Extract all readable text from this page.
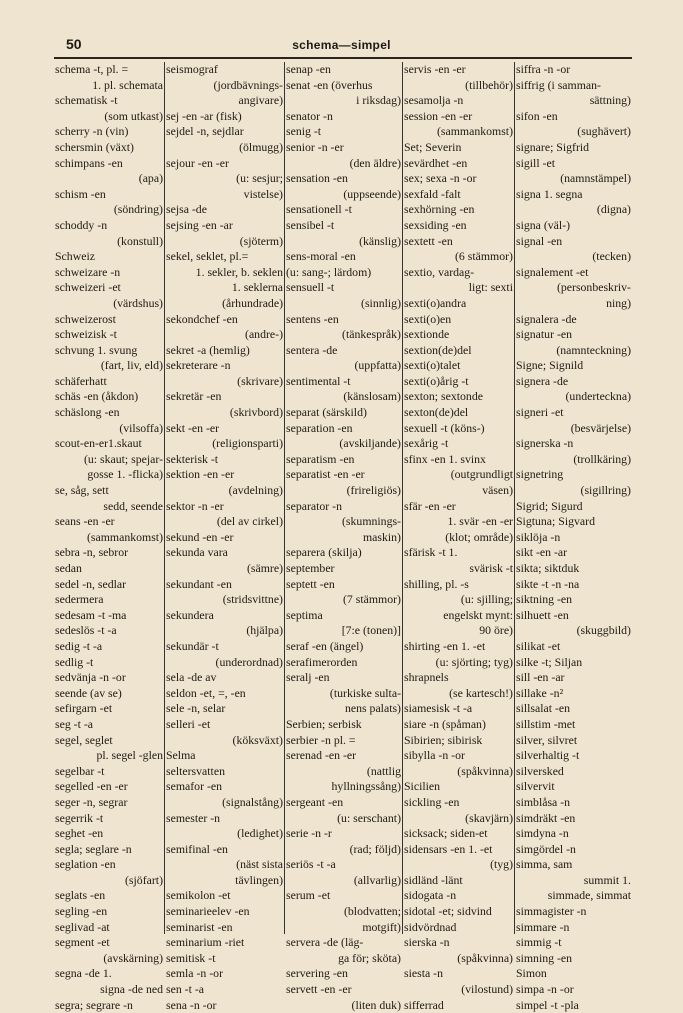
50	schema—simpel
schema -t, pl. =
1. pl. schemata
schematisk -t
(som utkast)
scherry -n (vin)
schersmin (växt)
schimpans -en
(apa)
schism -en
(söndring)
schoddy -n
(konstull)
Schweiz
schweizare -n
schweizeri -et
(värdshus)
schweizerost
schweizisk -t
schvung 1. svung
(fart, liv, eld)
schäferhatt
schäs -en (åkdon)
schäslong -en
(vilsoffa)
scout-en-er1.skaut
(u: skaut; spejar-
gosse 1. -flicka)
se, såg, sett
sedd, seende
seans -en -er
(sammankomst)
sebra -n, sebror
sedan
sedel -n, sedlar
sedermera
sedesam -t -ma
sedeslös -t -a
sedig -t -a
sedlig -t
sedvänja -n -or
seende (av se)
sefirgarn -et
seg -t -a
segel, seglet
pl. segel -glen
segelbar -t
segelled -en -er
seger -n, segrar
segerrik -t
seghet -en
segla; seglare -n
seglation -en
(sjöfart)
seglats -en
segling -en
seglivad -at
segment -et
(avskärning)
segna -de 1.
signa -de ned
segra; segrare -n
seismograf
(jordbävnings-
angivare)
sej -en -ar (fisk)
sejdel -n, sejdlar
(ölmugg)
sejour -en -er
(u: sesjur;
vistelse)
sejsa -de
sejsing -en -ar
(sjöterm)
sekel, seklet, pl.=
1. sekler, b. seklen
1. seklerna
(århundrade)
sekondchef -en
(andre-)
sekret -a (hemlig)
sekreterare -n
(skrivare)
sekretär -en
(skrivbord)
sekt -en -er
(religionsparti)
sekterisk -t
sektion -en -er
(avdelning)
sektor -n -er
(del av cirkel)
sekund -en -er
sekunda vara
(sämre)
sekundant -en
(stridsvittne)
sekundera
(hjälpa)
sekundär -t
(underordnad)
sela -de av
seldon -et, =, -en
sele -n, selar
selleri -et
(köksväxt)
Selma
seltersvatten
semafor -en
(signalstång)
semester -n
(ledighet)
semifinal -en
(näst sista
tävlingen)
semikolon -et
seminarieelev -en
seminarist -en
seminarium -riet
semitisk -t
semla -n -or
sen -t -a
sena -n -or
senap -en
senat -en (överhus
i riksdag)
senator -n
senig -t
senior -n -er
(den äldre)
sensation -en
(uppseende)
sensationell -t
sensibel -t
(känslig)
sens-moral -en
(u: sang-; lärdom)
sensuell -t
(sinnlig)
sentens -en
(tänkespråk)
sentera -de
(uppfatta)
sentimental -t
(känslosam)
separat (särskild)
separation -en
(avskiljande)
separatism -en
separatist -en -er
(frireligiös)
separator -n
(skumnings-
maskin)
separera (skilja)
september
septett -en
(7 stämmor)
septima
[7:e (tonen)]
seraf -en (ängel)
serafimerorden
seralj -en
(turkiske sulta-
nens palats)
Serbien; serbisk
serbier -n pl. =
serenad -en -er
(nattlig
hyllningssång)
sergeant -en
(u: serschant)
serie -n -r
(rad; följd)
seriös -t -a
(allvarlig)
serum -et
(blodvatten;
motgift)
servera -de (läg-
ga för; sköta)
servering -en
servett -en -er
(liten duk)
servis -en -er
(tillbehör)
sesamolja -n
session -en -er
(sammankomst)
Set; Severin
sevärdhet -en
sex; sexa -n -or
sexfald -falt
sexhörning -en
sexsiding -en
sextett -en
(6 stämmor)
sextio, vardag-
ligt: sexti
sexti(o)andra
sexti(o)en
sextionde
sextion(de)del
sexti(o)talet
sexti(o)årig -t
sexton; sextonde
sexton(de)del
sexuell -t (köns-)
sexårig -t
sfinx -en 1. svinx
(outgrundligt
väsen)
sfär -en -er
1. svär -en -er
(klot; område)
sfärisk -t 1.
svärisk -t
shilling, pl. -s
(u: sjilling;
engelskt mynt:
90 öre)
shirting -en 1. -et
(u: sjörting; tyg)
shrapnels
(se kartesch!)
siamesisk -t -a
siare -n (spåman)
Sibirien; sibirisk
sibylla -n -or
(spåkvinna)
Sicilien
sickling -en
(skavjärn)
sicksack; siden-et
sidensars -en 1. -et
(tyg)
sidländ -länt
sidogata -n
sidotal -et; sidvind
sidvördnad
sierska -n
(spåkvinna)
siesta -n
(vilostund)
sifferrad
siffra -n -or
siffrig (i samman-
sättning)
sifon -en
(sughävert)
signare; Sigfrid
sigill -et
(namnstämpel)
signa 1. segna
(digna)
signa (väl-)
signal -en
(tecken)
signalement -et
(personbeskriv-
ning)
signalera -de
signatur -en
(namnteckning)
Signe; Signild
signera -de
(underteckna)
signeri -et
(besvärjelse)
signerska -n
(trollkäring)
signetring
(sigillring)
Sigrid; Sigurd
Sigtuna; Sigvard
siklöja -n
sikt -en -ar
sikta; siktduk
sikte -t -n -na
siktning -en
silhuett -en
(skuggbild)
silikat -et
silke -t; Siljan
sill -en -ar
sillake -n²
sillsalat -en
sillstim -met
silver, silvret
silverhaltig -t
silversked
silvervit
simblåsa -n
simdräkt -en
simdyna -n
simgördel -n
simma, sam
summit 1.
simmade, simmat
simmagister -n
simmare -n
simmig -t
simning -en
Simon
simpa -n -or
simpel -t -pla
